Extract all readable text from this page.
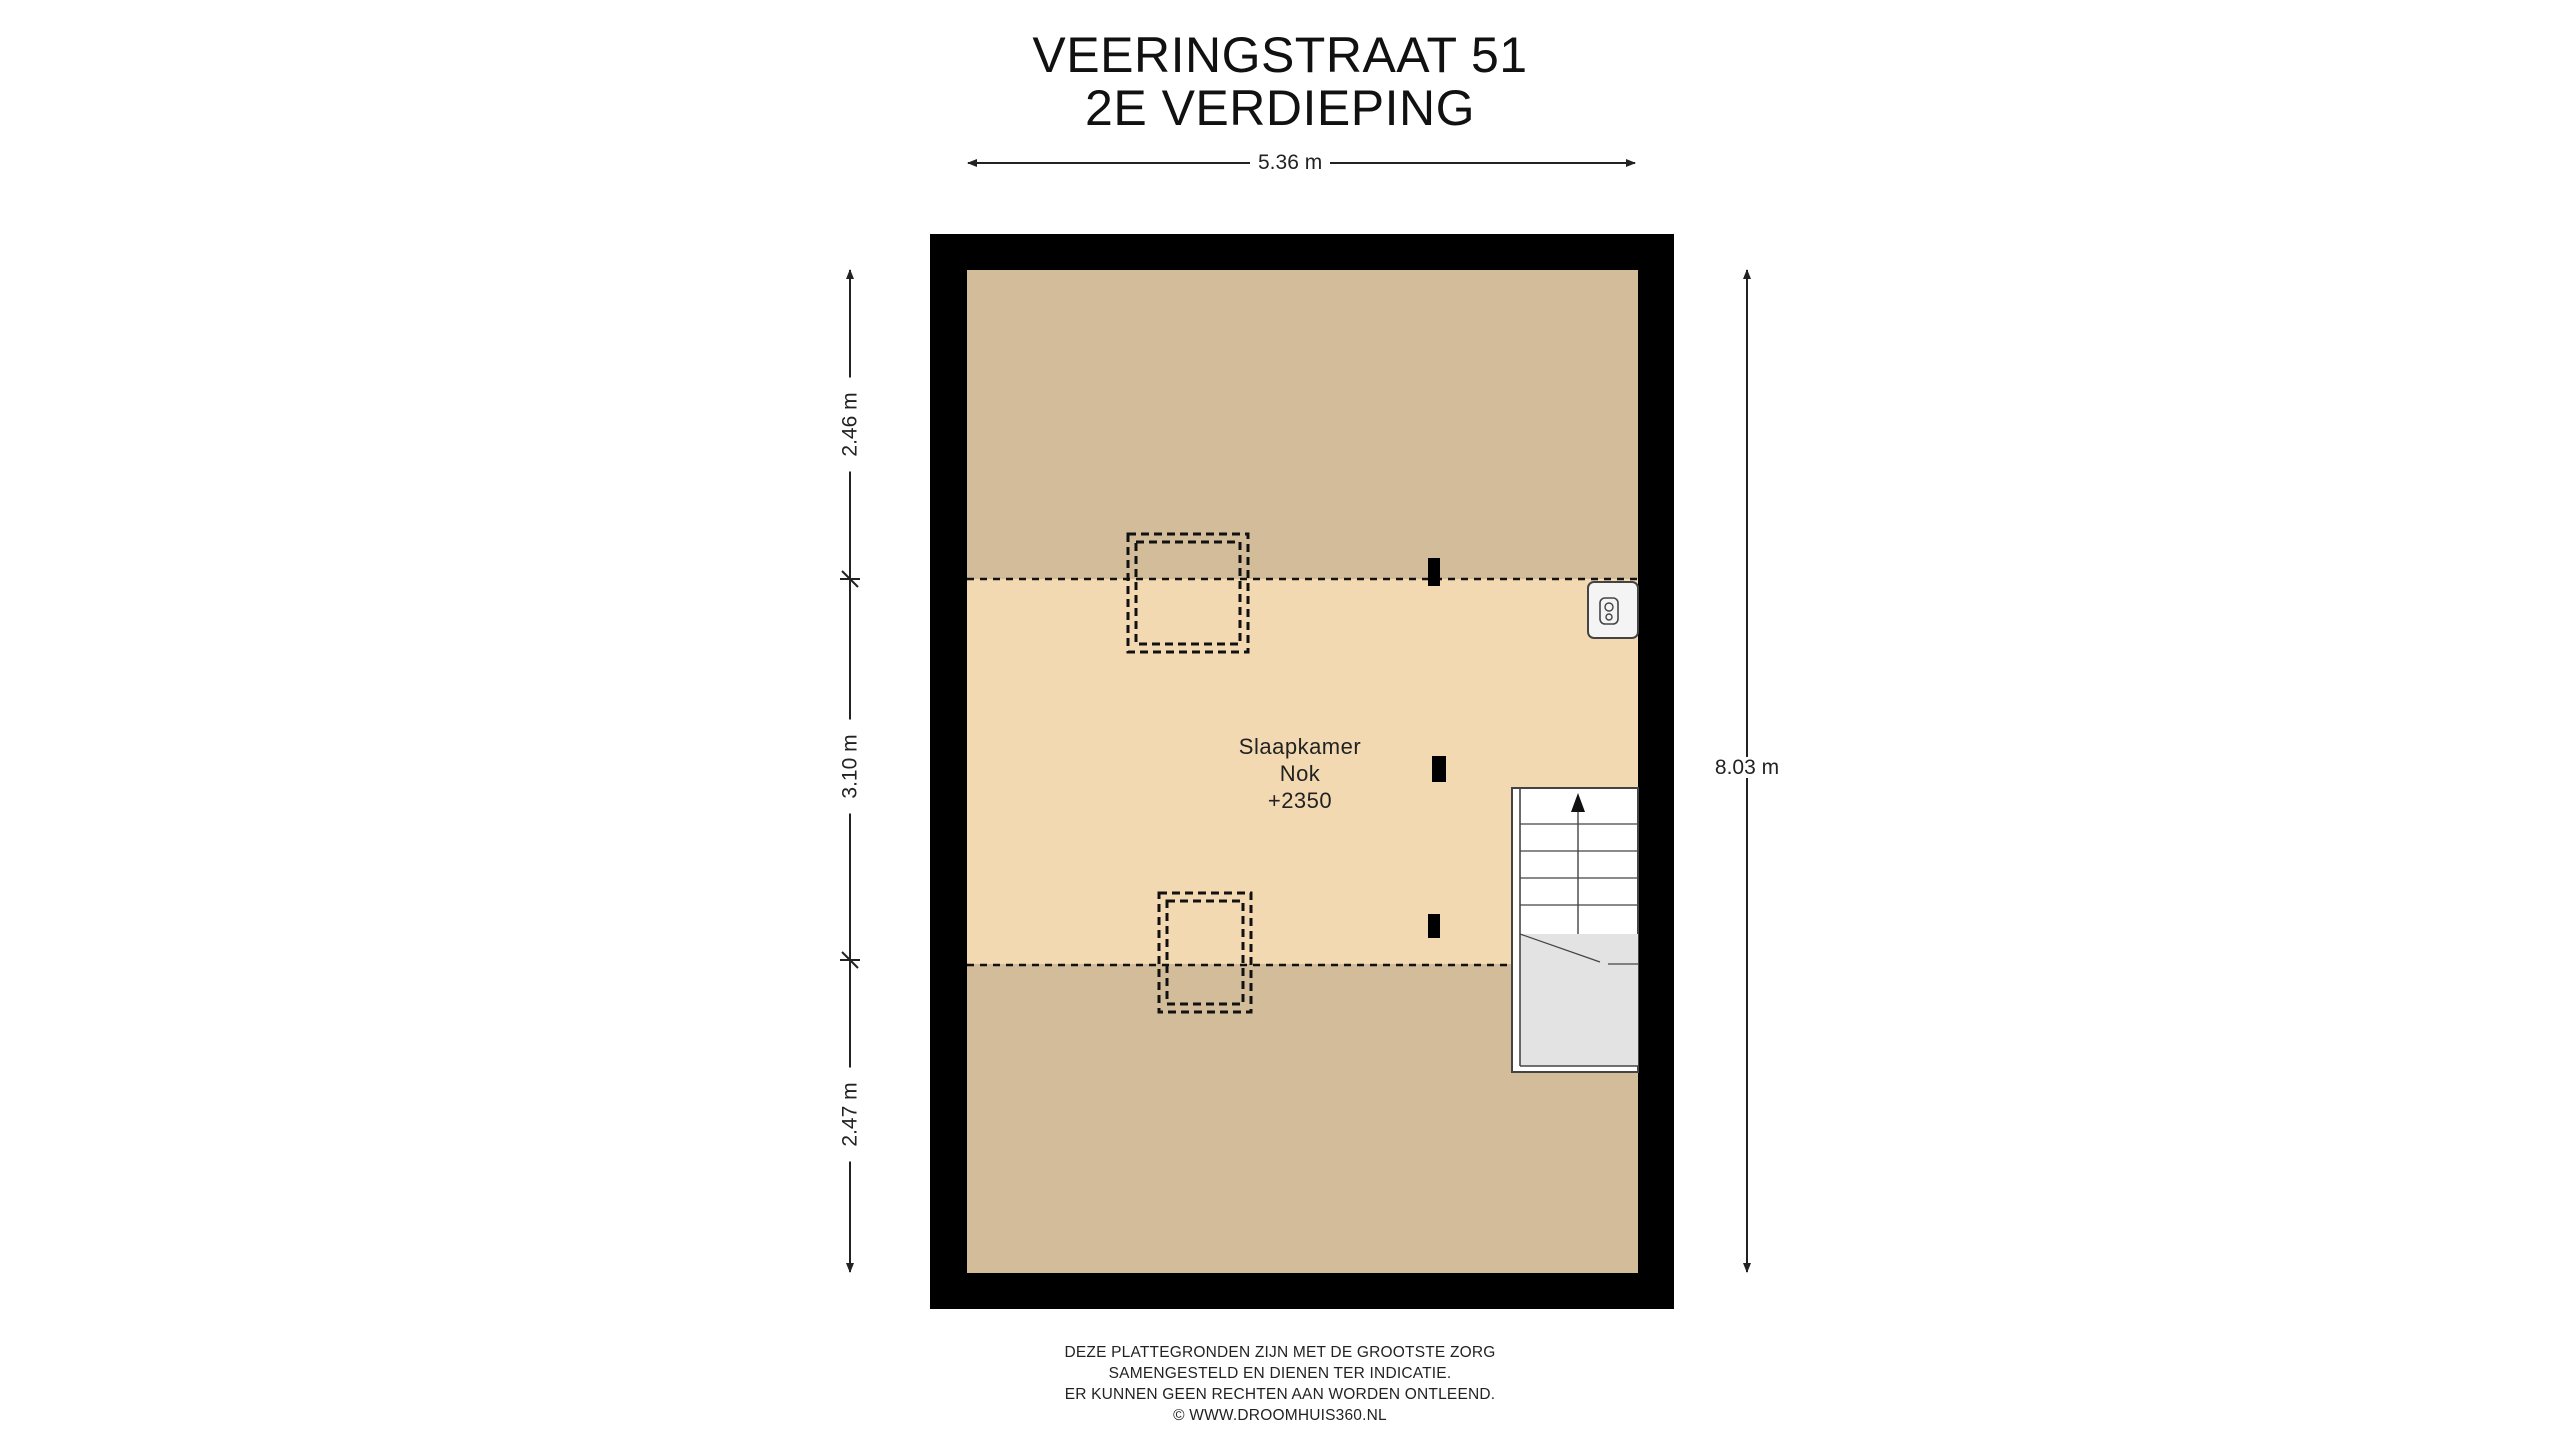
VEERINGSTRAAT 51
2E VERDIEPING
5.36 m
8.03 m
2.46 m
3.10 m
2.47 m
Slaapkamer
Nok
+2350
DEZE PLATTEGRONDEN ZIJN MET DE GROOTSTE ZORG
SAMENGESTELD EN DIENEN TER INDICATIE.
ER KUNNEN GEEN RECHTEN AAN WORDEN ONTLEEND.
© WWW.DROOMHUIS360.NL
